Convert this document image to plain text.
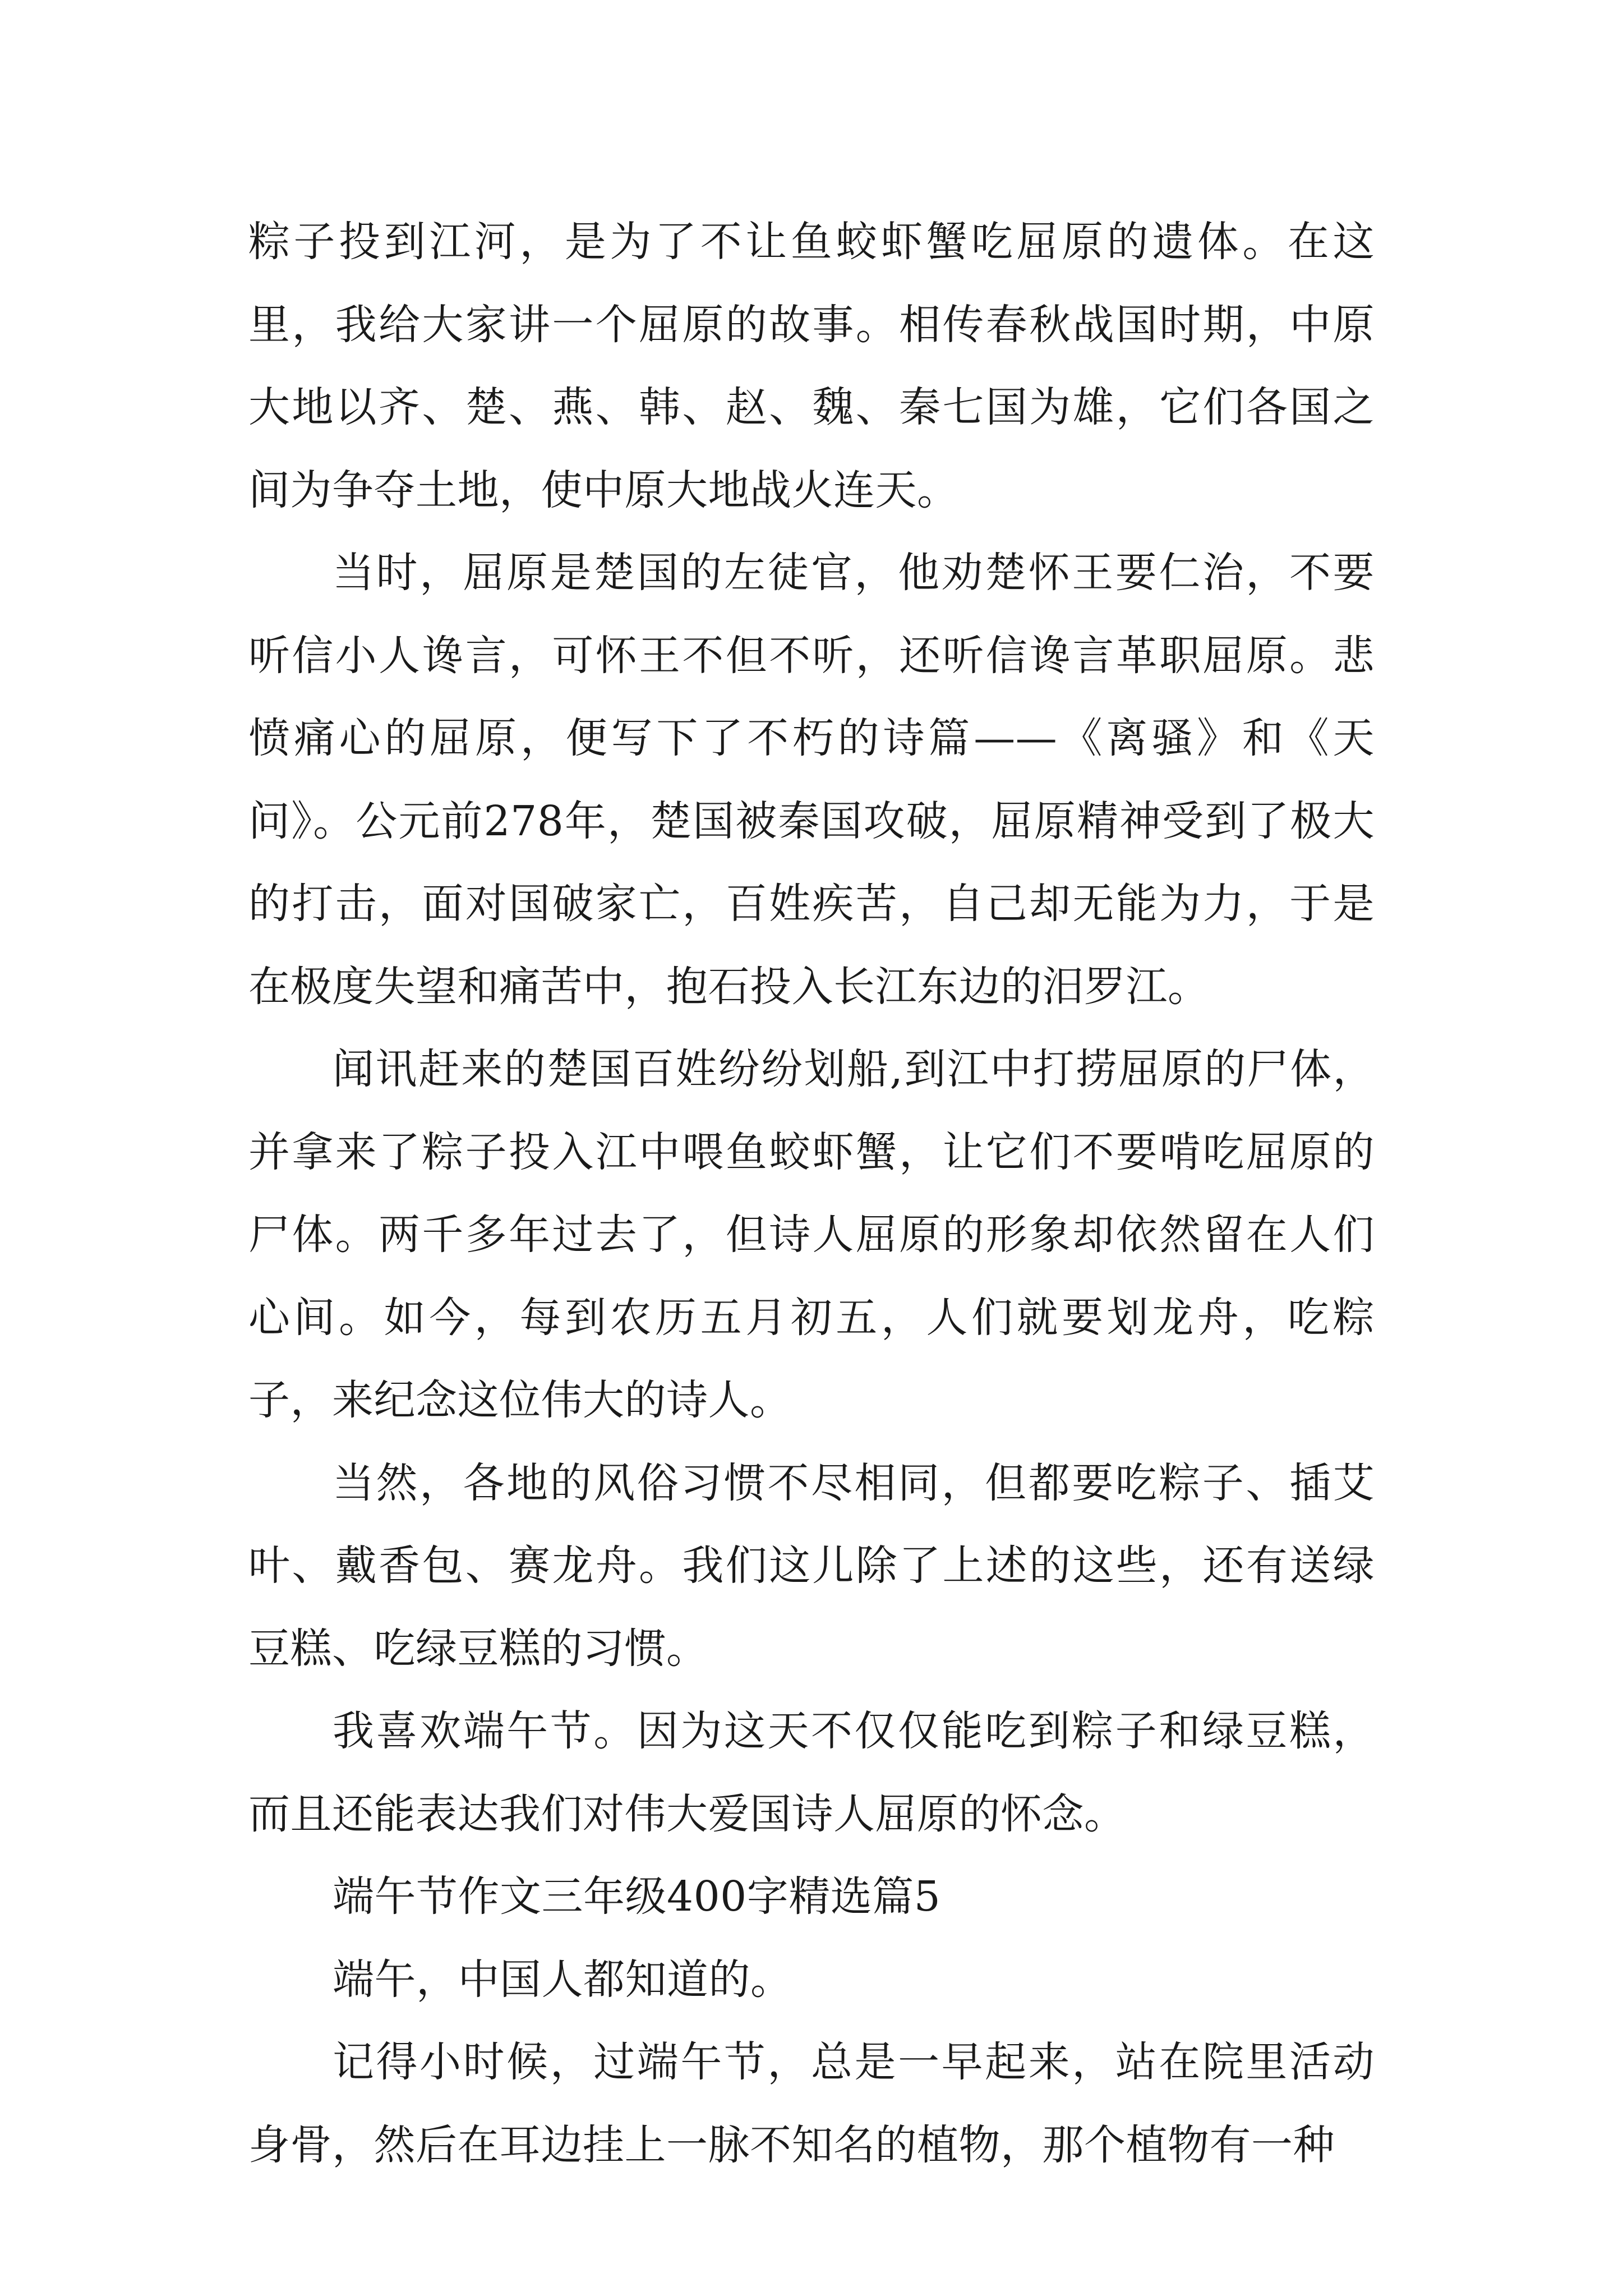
粽子投到江河，是为了不让鱼蛟虾蟹吃屈原的遗体。在这里，我给大家讲一个屈原的故事。相传春秋战国时期，中原大地以齐、楚、燕、韩、赵、魏、秦七国为雄，它们各国之间为争夺土地，使中原大地战火连天。

当时，屈原是楚国的左徒官，他劝楚怀王要仁治，不要听信小人谗言，可怀王不但不听，还听信谗言革职屈原。悲愤痛心的屈原，便写下了不朽的诗篇——《离骚》和《天问》。公元前278年，楚国被秦国攻破，屈原精神受到了极大的打击，面对国破家亡，百姓疾苦，自己却无能为力，于是在极度失望和痛苦中，抱石投入长江东边的汨罗江。

闻讯赶来的楚国百姓纷纷划船,到江中打捞屈原的尸体，并拿来了粽子投入江中喂鱼蛟虾蟹，让它们不要啃吃屈原的尸体。两千多年过去了，但诗人屈原的形象却依然留在人们心间。如今，每到农历五月初五，人们就要划龙舟，吃粽子，来纪念这位伟大的诗人。

当然，各地的风俗习惯不尽相同，但都要吃粽子、插艾叶、戴香包、赛龙舟。我们这儿除了上述的这些，还有送绿豆糕、吃绿豆糕的习惯。

我喜欢端午节。因为这天不仅仅能吃到粽子和绿豆糕，而且还能表达我们对伟大爱国诗人屈原的怀念。

端午节作文三年级400字精选篇5

端午，中国人都知道的。

记得小时候，过端午节，总是一早起来，站在院里活动身骨，然后在耳边挂上一脉不知名的植物，那个植物有一种
